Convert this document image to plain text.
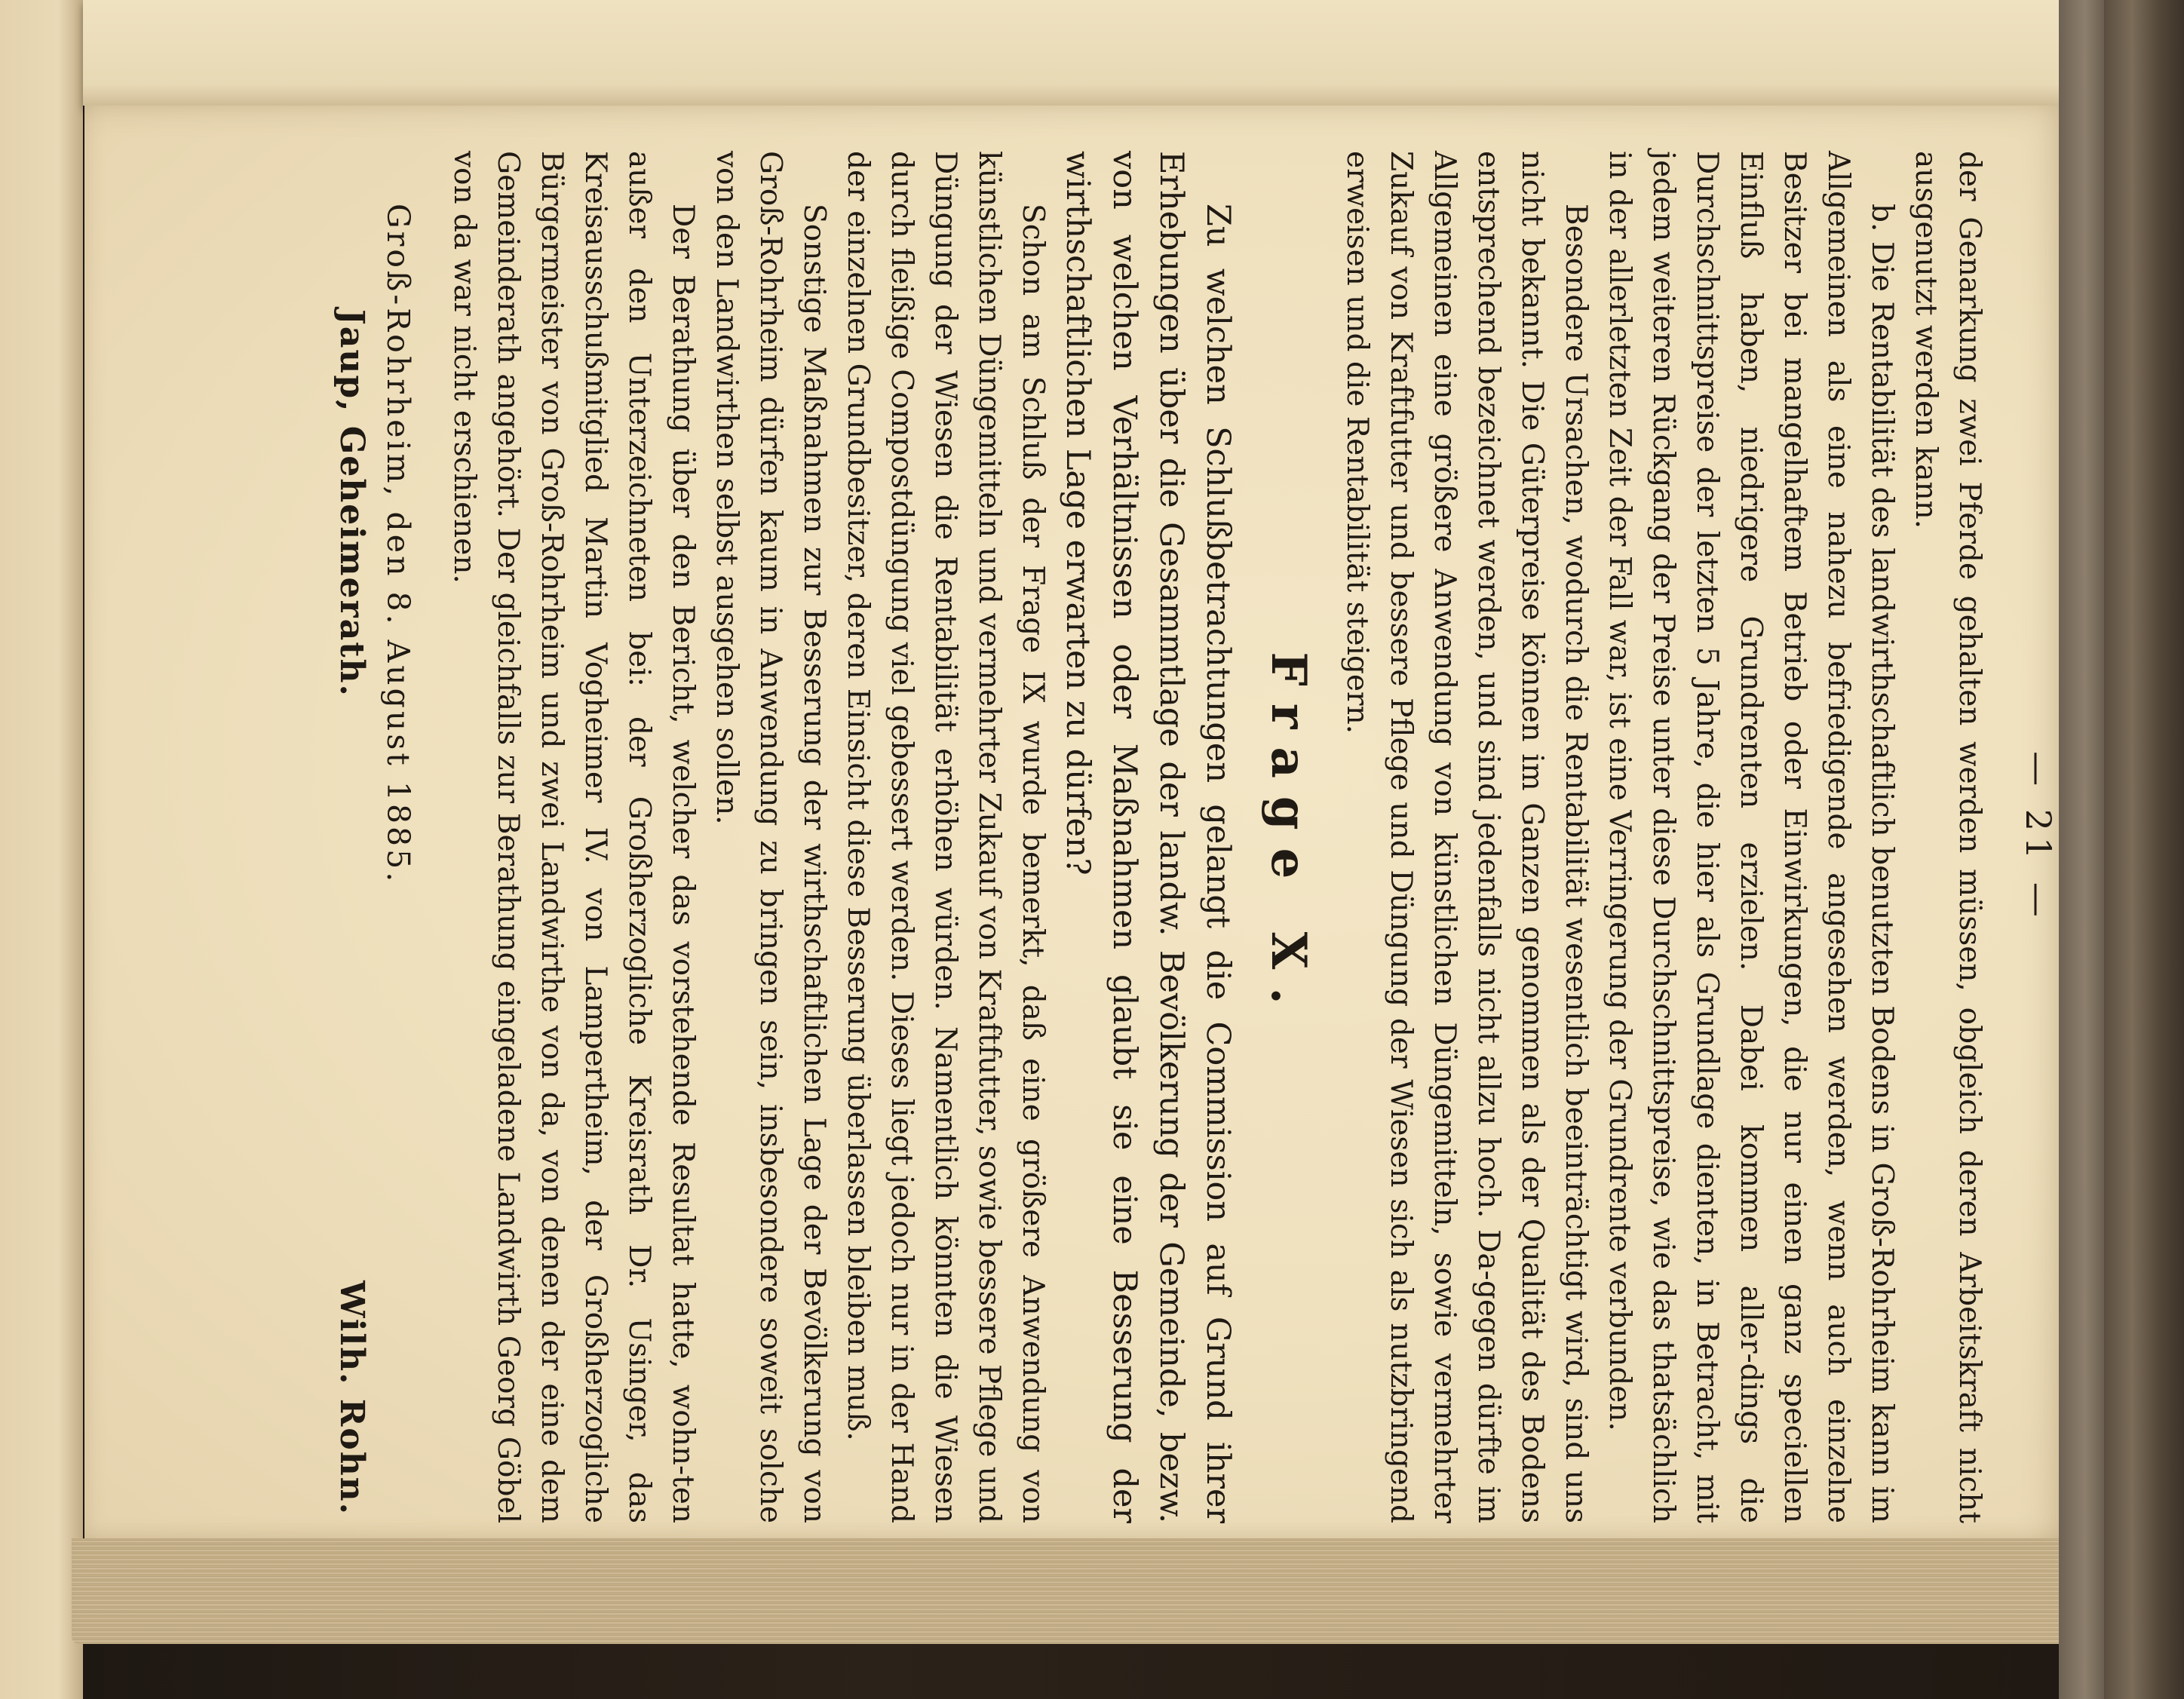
— 21 —

der Genarkung zwei Pferde gehalten werden müssen, obgleich deren Arbeitskraft nicht ausgenutzt werden kann.

b. Die Rentabilität des landwirthschaftlich benutzten Bodens in Groß-Rohrheim kann im Allgemeinen als eine nahezu befriedigende angesehen werden, wenn auch einzelne Besitzer bei mangelhaftem Betrieb oder Einwirkungen, die nur einen ganz speciellen Einfluß haben, niedrigere Grundrenten erzielen. Dabei kommen aller-dings die Durchschnittspreise der letzten 5 Jahre, die hier als Grundlage dienten, in Betracht, mit jedem weiteren Rückgang der Preise unter diese Durchschnittspreise, wie das thatsächlich in der allerletzten Zeit der Fall war, ist eine Verringerung der Grundrente verbunden.

Besondere Ursachen, wodurch die Rentabilität wesentlich beeinträchtigt wird, sind uns nicht bekannt. Die Güterpreise können im Ganzen genommen als der Qualität des Bodens entsprechend bezeichnet werden, und sind jedenfalls nicht allzu hoch. Da-gegen dürfte im Allgemeinen eine größere Anwendung von künstlichen Düngemitteln, sowie vermehrter Zukauf von Kraftfutter und bessere Pflege und Düngung der Wiesen sich als nutzbringend erweisen und die Rentabilität steigern.

Frage X.

Zu welchen Schlußbetrachtungen gelangt die Commission auf Grund ihrer Erhebungen über die Gesammtlage der landw. Bevölkerung der Gemeinde, bezw. von welchen Verhältnissen oder Maßnahmen glaubt sie eine Besserung der wirthschaftlichen Lage erwarten zu dürfen?

Schon am Schluß der Frage IX wurde bemerkt, daß eine größere Anwendung von künstlichen Düngemitteln und vermehrter Zukauf von Kraftfutter, sowie bessere Pflege und Düngung der Wiesen die Rentabilität erhöhen würden. Namentlich könnten die Wiesen durch fleißige Compostdüngung viel gebessert werden. Dieses liegt jedoch nur in der Hand der einzelnen Grundbesitzer, deren Einsicht diese Besserung überlassen bleiben muß.

Sonstige Maßnahmen zur Besserung der wirthschaftlichen Lage der Bevölkerung von Groß-Rohrheim dürfen kaum in Anwendung zu bringen sein, insbesondere soweit solche von den Landwirthen selbst ausgehen sollen.

Der Berathung über den Bericht, welcher das vorstehende Resultat hatte, wohn-ten außer den Unterzeichneten bei: der Großherzogliche Kreisrath Dr. Usinger, das Kreisausschußmitglied Martin Vogheimer IV. von Lampertheim, der Großherzogliche Bürgermeister von Groß-Rohrheim und zwei Landwirthe von da, von denen der eine dem Gemeinderath angehört. Der gleichfalls zur Berathung eingeladene Landwirth Georg Göbel von da war nicht erschienen.

Groß-Rohrheim, den 8. August 1885.
Jaup, Geheimerath.
Wilh. Rohn.
